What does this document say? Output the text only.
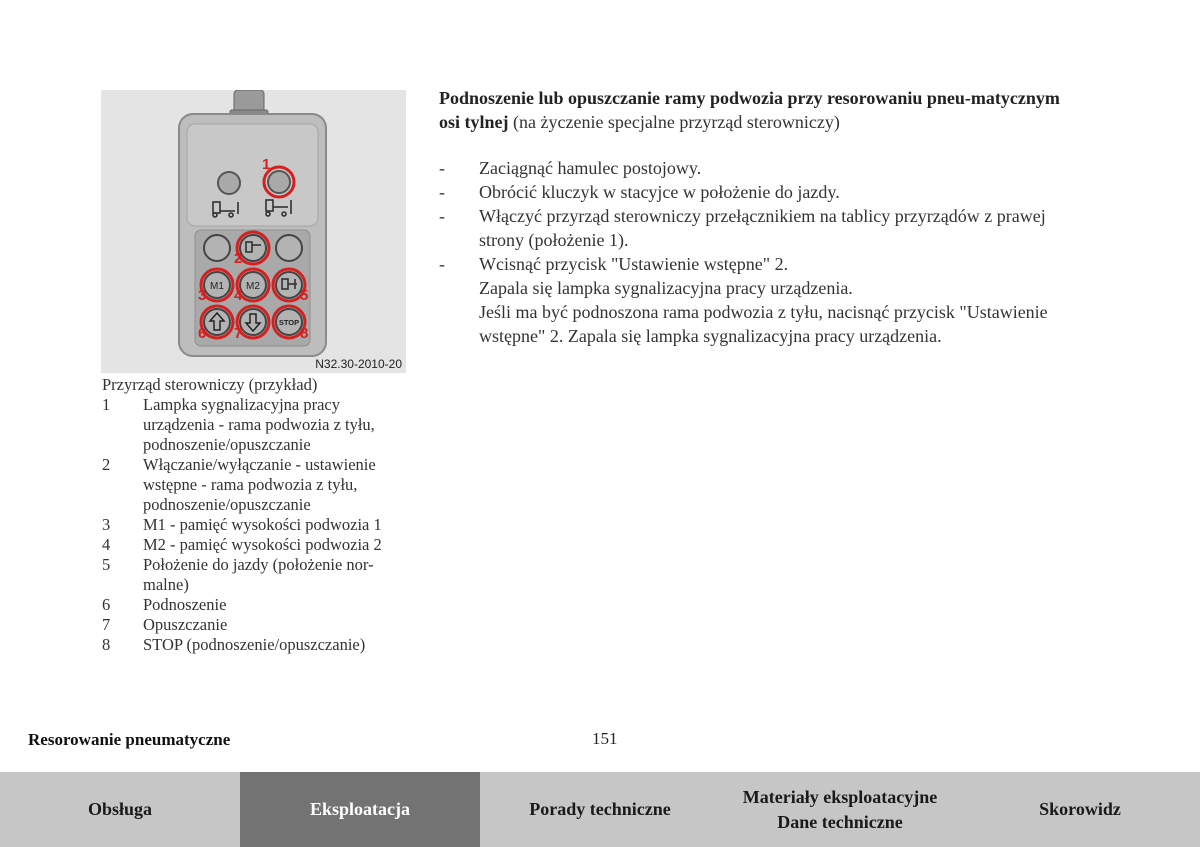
M1 M2
STOP
1
2
3 4	5
6 7	8
N32.30-2010-20
Przyrząd sterowniczy (przykład)
1	Lampka sygnalizacyjna pracy urządzenia - rama podwozia z tyłu, podnoszenie/opuszczanie
2	Włączanie/wyłączanie - ustawienie wstępne - rama podwozia z tyłu, podnoszenie/opuszczanie
3	M1 - pamięć wysokości podwozia 1
4	M2 - pamięć wysokości podwozia 2
5	Położenie do jazdy (położenie nor-malne)
6	Podnoszenie
7	Opuszczanie
8	STOP (podnoszenie/opuszczanie)

Podnoszenie lub opuszczanie ramy podwozia przy resorowaniu pneu-matycznym osi tylnej (na życzenie specjalne przyrząd sterowniczy)

-	Zaciągnąć hamulec postojowy.
-	Obrócić kluczyk w stacyjce w położenie do jazdy.
-	Włączyć przyrząd sterowniczy przełącznikiem na tablicy przyrządów z prawej strony (położenie 1).
-	Wcisnąć przycisk "Ustawienie wstępne" 2.
Zapala się lampka sygnalizacyjna pracy urządzenia.
Jeśli ma być podnoszona rama podwozia z tyłu, nacisnąć przycisk "Ustawienie wstępne" 2. Zapala się lampka sygnalizacyjna pracy urządzenia.
Resorowanie pneumatyczne	151
Obsługa	Eksploatacja	Porady techniczne
Materiały eksploatacyjne
Dane techniczne
Skorowidz
